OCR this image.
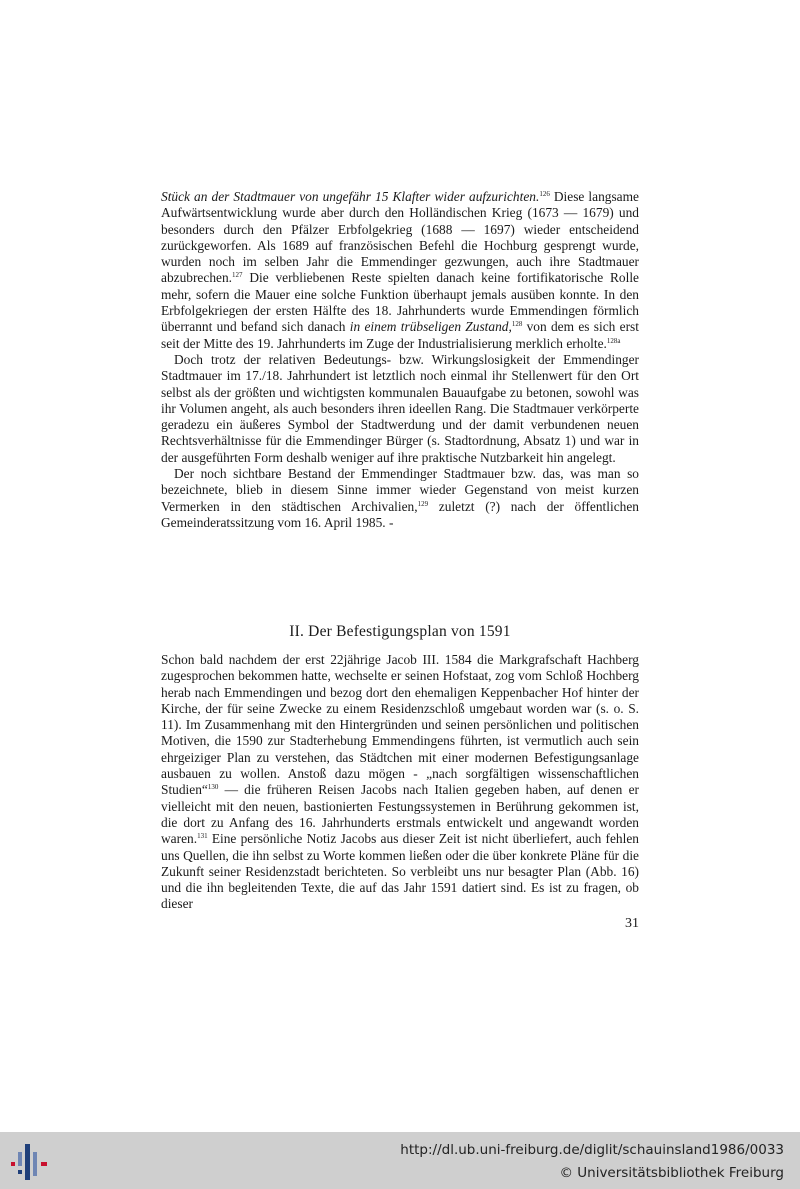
Stück an der Stadtmauer von ungefähr 15 Klafter wider aufzurichten.$^{126}$ Diese langsame Aufwärtsentwicklung wurde aber durch den Holländischen Krieg (1673 — 1679) und besonders durch den Pfälzer Erbfolgekrieg (1688 — 1697) wieder entscheidend zurückgeworfen. Als 1689 auf französischen Befehl die Hochburg gesprengt wurde, wurden noch im selben Jahr die Emmendinger gezwungen, auch ihre Stadtmauer abzubrechen.$^{127}$ Die verbliebenen Reste spielten danach keine fortifikatorische Rolle mehr, sofern die Mauer eine solche Funktion überhaupt jemals ausüben konnte. In den Erbfolgekriegen der ersten Hälfte des 18. Jahrhunderts wurde Emmendingen förmlich überrannt und befand sich danach in einem trübseligen Zustand,$^{128}$ von dem es sich erst seit der Mitte des 19. Jahrhunderts im Zuge der Industrialisierung merklich erholte.$^{128a}$

Doch trotz der relativen Bedeutungs- bzw. Wirkungslosigkeit der Emmendinger Stadtmauer im 17./18. Jahrhundert ist letztlich noch einmal ihr Stellenwert für den Ort selbst als der größten und wichtigsten kommunalen Bauaufgabe zu betonen, sowohl was ihr Volumen angeht, als auch besonders ihren ideellen Rang. Die Stadtmauer verkörperte geradezu ein äußeres Symbol der Stadtwerdung und der damit verbundenen neuen Rechtsverhältnisse für die Emmendinger Bürger (s. Stadtordnung, Absatz 1) und war in der ausgeführten Form deshalb weniger auf ihre praktische Nutzbarkeit hin angelegt.

Der noch sichtbare Bestand der Emmendinger Stadtmauer bzw. das, was man so bezeichnete, blieb in diesem Sinne immer wieder Gegenstand von meist kurzen Vermerken in den städtischen Archivalien,$^{129}$ zuletzt (?) nach der öffentlichen Gemeinderatssitzung vom 16. April 1985. -

II. Der Befestigungsplan von 1591

Schon bald nachdem der erst 22jährige Jacob III. 1584 die Markgrafschaft Hachberg zugesprochen bekommen hatte, wechselte er seinen Hofstaat, zog vom Schloß Hochberg herab nach Emmendingen und bezog dort den ehemaligen Keppenbacher Hof hinter der Kirche, der für seine Zwecke zu einem Residenzschloß umgebaut worden war (s. o. S. 11). Im Zusammenhang mit den Hintergründen und seinen persönlichen und politischen Motiven, die 1590 zur Stadterhebung Emmendingens führten, ist vermutlich auch sein ehrgeiziger Plan zu verstehen, das Städtchen mit einer modernen Befestigungsanlage ausbauen zu wollen. Anstoß dazu mögen - „nach sorgfältigen wissenschaftlichen Studien“$^{130}$ — die früheren Reisen Jacobs nach Italien gegeben haben, auf denen er vielleicht mit den neuen, bastionierten Festungssystemen in Berührung gekommen ist, die dort zu Anfang des 16. Jahrhunderts erstmals entwickelt und angewandt worden waren.$^{131}$ Eine persönliche Notiz Jacobs aus dieser Zeit ist nicht überliefert, auch fehlen uns Quellen, die ihn selbst zu Worte kommen ließen oder die über konkrete Pläne für die Zukunft seiner Residenzstadt berichteten. So verbleibt uns nur besagter Plan (Abb. 16) und die ihn begleitenden Texte, die auf das Jahr 1591 datiert sind. Es ist zu fragen, ob dieser

31
http://dl.ub.uni-freiburg.de/diglit/schauinsland1986/0033
© Universitätsbibliothek Freiburg
